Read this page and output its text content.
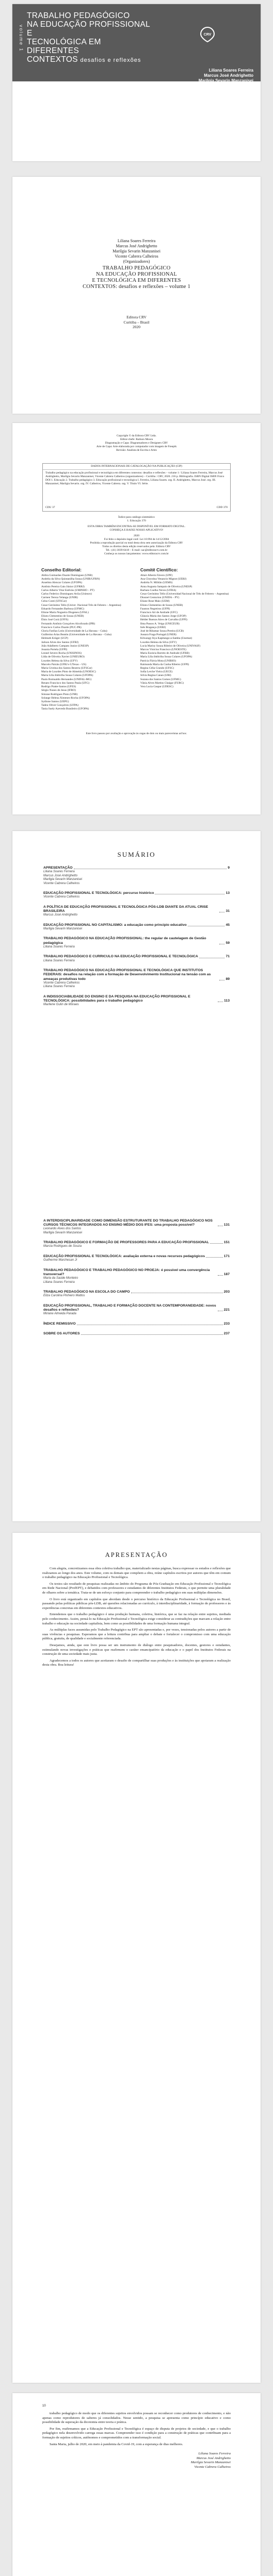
volume 1
TRABALHO PEDAGÓGICO
NA EDUCAÇÃO PROFISSIONAL E
TECNOLÓGICA EM DIFERENTES
CONTEXTOS desafios e reflexões
CRV
Liliana Soares Ferreira
Marcus José Andrighetto
Marilgia Sevarin Manzanisei
Vicente Cabrera Calheiros
(Organizadores)
Liliana Soares Ferreira
Marcus José Andrighetto
Marilgia Sevarin Manzanisei
Vicente Cabrera Calheiros
(Organizadores)
TRABALHO PEDAGÓGICO
NA EDUCAÇÃO PROFISSIONAL
E TECNOLÓGICA EM DIFERENTES
CONTEXTOS: desafios e reflexões – volume 1
Editora CRV
Curitiba – Brasil
2020
Copyright © da Editora CRV Ltda.
Editor-chefe: Railson Moura
Diagramação e Capa: Diagramadores e Designers CRV
Arte de Capa: Arte elaborada por computador com imagem de Freepik
Revisão: Analista de Escrita e Artes
DADOS INTERNACIONAIS DE CATALOGAÇÃO NA PUBLICAÇÃO (CIP)
Trabalho pedagógico na educação profissional e tecnológica em diferentes contextos: desafios e reflexões – volume 1 / Liliana Soares Ferreira, Marcus José Andrighetto, Marilgia Sevarin Manzanisei, Vicente Cabrera Calheiros (organizadores) – Curitiba : CRV, 2020. 216 p. Bibliografia. ISBN Digital ISBN Físico DOI 1. Educação 2. Trabalho pedagógico 3. Educação profissional e tecnológica I. Ferreira, Liliana Soares. org. II. Andrighetto, Marcus José. org. III. Manzanisei, Marilgia Sevarin. org. IV. Calheiros, Vicente Cabrera. org. V. Título VI. Série.
CDU 37	CDD 370
Índice para catálogo sistemático
1. Educação 370
ESTA OBRA TAMBÉM ENCONTRA-SE DISPONÍVEL EM FORMATO DIGITAL.
CONHEÇA E BAIXE NOSSO APLICATIVO!
2020
Foi feito o depósito legal conf. Lei 10.994 de 14/12/2004
Proibida a reprodução parcial ou total desta obra sem autorização da Editora CRV
Todos os direitos desta edição reservados pela: Editora CRV
Tel.: (41) 3039-6418 – E-mail: sac@editoracrv.com.br
Conheça os nossos lançamentos: www.editoracrv.com.br
Conselho Editorial:
Aldira Guimarães Duarte Domínguez (UNB)
Andréia da Silva Quintanilha Sousa (UNIR/UFRN)
Anselmo Alencar Colares (UFOPA)
Antônio Pereira Gaio Júnior (UFRRJ)
Carlos Alberto Vilar Estêvão (UMINHO – PT)
Carlos Federico Dominguez Avila (Unieuro)
Carmen Tereza Velanga (UNIR)
Celso Conti (UFSCar)
Cesar Gerónimo Tello (Univer .Nacional Três de Febrero – Argentina)
Eduardo Fernandes Barbosa (UFMG)
Elione Maria Nogueira Diogenes (UFAL)
Elizeu Clementino de Souza (UNEB)
Élsio José Corá (UFFS)
Fernando Antônio Gonçalves Alcoforado (IPB)
Francisco Carlos Duarte (PUC-PR)
Gloria Fariñas León (Universidade de La Havana – Cuba)
Guillermo Arias Beatón (Universidade de La Havana – Cuba)
Helmuth Krüger (UCP)
Jailson Alves dos Santos (UFRJ)
João Adalberto Campato Junior (UNESP)
Josania Portela (UFPI)
Leonel Severo Rocha (UNISINOS)
Lídia de Oliveira Xavier (UNIEURO)
Lourdes Helena da Silva (UFV)
Marcelo Paixão (UFRJ e UTexas – US)
Maria Cristina dos Santos Bezerra (UFSCar)
Maria de Lourdes Pinto de Almeida (UNOESC)
Maria Lília Imbiriba Sousa Colares (UFOPA)
Paulo Romualdo Hernandes (UNIFAL-MG)
Renato Francisco dos Santos Paula (UFG)
Rodrigo Pratte-Santos (UFES)
Sérgio Nunes de Jesus (IFRO)
Simone Rodrigues Pinto (UNB)
Solange Helena Ximenes-Rocha (UFOPA)
Sydione Santos (UEPG)
Tadeu Oliver Gonçalves (UFPA)
Tania Suely Azevedo Brasileiro (UFOPA)
Comitê Científico:
Altair Alberto Fávero (UPF)
Ana Chrystina Venancio Mignot (UERJ)
Andréia N. Militão (UEMS)
Anna Augusta Sampaio de Oliveira (UNESP)
Barbara Coelho Neves (UFBA)
Cesar Gerónimo Tello (Universidad Nacional de Três de Febrero – Argentina)
Diosnel Centurion (UNIDA – PY)
Eliane Rose Maio (UEM)
Elizeu Clementino de Souza (UNEB)
Fauston Negreiros (UFPI)
Francisco Ari de Andrade (UFC)
Gláucia Maria dos Santos Jorge (UFOP)
Helder Buenos Aires de Carvalho (UFPI)
Ilma Passos A. Veiga (UNICEUB)
Inês Bragança (UERJ)
José de Ribamar Sousa Pereira (UCB)
Jussara Fraga Portugal (UNEB)
Kilwangy Kya Kapitango-a-Samba (Unemat)
Lourdes Helena da Silva (UFV)
Lucia Marisy Souza Ribeiro de Oliveira (UNIVASF)
Marcos Vinicius Francisco (UNOESTE)
Maria Eurácia Barreto de Andrade (UFRB)
Maria Lília Imbiriba Sousa Colares (UFOPA)
Patrícia Flávia Mota (UNIRIO)
Raimunda Maria da Cunha Ribeiro (UFPI)
Regina Célia Grando (UFSC)
Sofia Lerche Vieira (UECE)
Silvia Regina Canan (URI)
Suzana dos Santos Gomes (UFMG)
Vânia Alves Martins Chaigar (FURG)
Vera Lucia Gaspar (UDESC)
Este livro passou por avaliação e aprovação às cegas de dois ou mais pareceristas ad hoc.
SUMÁRIO
APRESENTAÇÃO	9
Liliana Soares Ferreira
Marcus José Andrighetto
Marilgia Sevarin Manzanisei
Vicente Cabrera Calheiros
EDUCAÇÃO PROFISSIONAL E TECNOLÓGICA: percurso histórico	13
Vicente Cabrera Calheiros
A POLÍTICA DE EDUCAÇÃO PROFISSIONAL E TECNOLÓGICA PÓS-LDB DIANTE DA ATUAL CRISE BRASILEIRA	31
Marcus José Andrighetto
EDUCAÇÃO PROFISSIONAL NO CAPITALISMO: a educação como principio educativo	45
Marilgia Sevarin Manzanisei
TRABALHO PEDAGÓGICO NA EDUCAÇÃO PROFISSIONAL: the regular de cautelagem de Gestão pedagógica	59
Liliana Soares Ferreira
TRABALHO PEDAGÓGICO E CURRICULO NA EDUCAÇÃO PROFISSIONAL E TECNOLÓGICA	71
Liliana Soares Ferreira
TRABALHO PEDAGÓGICO NA EDUCAÇÃO PROFISSIONAL E TECNOLÓGICA QUE INSTITUTOS FEDERAIS: desafios na relação com a formação de Desenvolvimento Institucional na tensão com as ameaças produtivas todo	89
Vicente Cabrera Calheiros
Liliana Soares Ferreira
A INDISSOCIABILIDADE DO ENSINO E DA PESQUISA NA EDUCAÇÃO PROFISSIONAL E TECNOLÓGICA: possibilidades para o trabalho pedagógico	113
Marilene Gulin de Moraes
A INTERDISCIPLINARIDADE COMO DIMENSÃO ESTRUTURANTE DO TRABALHO PEDAGÓGICO NOS CURSOS TÉCNICOS INTEGRADOS AO ENSINO MÉDIO DOS IFES: uma proposta possível?	131
Leonardo Alves dos Santos
Marilgia Sevarin Manzanisei
TRABALHO PEDAGÓGICO E FORMAÇÃO DE PROFESSORES PARA A EDUCAÇÃO PROFISSIONAL	151
Marcia Rodrigues de Souza
EDUCAÇÃO PROFISSIONAL E TECNOLÓGICA: avaliação externa e novas recursos pedagógicos	171
Guilherme Marchesan Jr
TRABALHO PEDAGÓGICO E TRABALHO PEDAGÓGICO NO PROEJA: é possível uma convergência transversal?	187
Maria da Saúde Monteiro
Liliana Soares Ferreira
TRABALHO PEDAGÓGICO NA ESCOLA DO CAMPO	203
Eliza Carolina Pinheiro Mattos
EDUCAÇÃO PROFISSIONAL, TRABALHO E FORMAÇÃO DOCENTE NA CONTEMPORANEIDADE: novos desafios e reflexões?	221
Miriane Almeida Parada
ÍNDICE REMISSIVO	233
SOBRE OS AUTORES	237
APRESENTAÇÃO

Com alegria, concretizamos essa obra coletiva trabalho que, materializado nestas páginas, busca expressar os estudos e reflexões que realizamos ao longo dos anos. Este volume, com os demais que compõem a obra, reúne capítulos escritos por autores que têm em comum o trabalho pedagógico na Educação Profissional e Tecnológica.

Os textos são resultado de pesquisas realizadas no âmbito do Programa de Pós-Graduação em Educação Profissional e Tecnológica em Rede Nacional (ProfEPT), e debatidos com professores e estudantes de diferentes Institutos Federais, o que permite uma pluralidade de olhares sobre a temática. Trata-se de um esforço conjunto para compreender o trabalho pedagógico em suas múltiplas dimensões.

O livro está organizado em capítulos que abordam desde o percurso histórico da Educação Profissional e Tecnológica no Brasil, passando pelas políticas públicas pós-LDB, até questões relacionadas ao currículo, à interdisciplinaridade, à formação de professores e às experiências concretas em diferentes contextos educativos.

Entendemos que o trabalho pedagógico é uma produção humana, coletiva, histórica, que se faz na relação entre sujeitos, mediada pelo conhecimento. Assim, pensá-lo na Educação Profissional e Tecnológica exige considerar as contradições que marcam a relação entre trabalho e educação na sociedade capitalista, bem como as possibilidades de uma formação humana integral.

As múltiplas faces assumidas pelo Trabalho Pedagógico na EPT são apresentadas e, por vezes, tensionadas pelos autores a partir de suas vivências e pesquisas. Esperamos que a leitura contribua para ampliar o debate e fortalecer o compromisso com uma educação pública, gratuita, de qualidade e socialmente referenciada.

Desejamos, ainda, que este livro possa ser um instrumento de diálogo entre pesquisadores, docentes, gestores e estudantes, estimulando novas investigações e práticas que reafirmem o caráter emancipatório da educação e o papel dos Institutos Federais na construção de uma sociedade mais justa.

Agradecemos a todos os autores que aceitaram o desafio de compartilhar suas produções e às instituições que apoiaram a realização desta obra. Boa leitura!

10

trabalho pedagógico de modo que os diferentes sujeitos envolvidos possam se reconhecer como produtores de conhecimento, e não apenas como reprodutores de saberes já consolidados. Nesse sentido, a pesquisa se apresenta como princípio educativo e como possibilidade de superação da dicotomia entre teoria e prática.

Por fim, reafirmamos que a Educação Profissional e Tecnológica é espaço de disputa de projetos de sociedade, e que o trabalho pedagógico nela desenvolvido carrega essas marcas. Compreender isso é condição para a construção de práticas que contribuam para a formação de sujeitos críticos, autônomos e comprometidos com a transformação social.

Santa Maria, julho de 2020, em meio à pandemia da Covid-19, com a esperança de dias melhores.

Liliana Soares Ferreira
Marcus José Andrighetto
Marilgia Sevarin Manzanisei
Vicente Cabrera Calheiros
